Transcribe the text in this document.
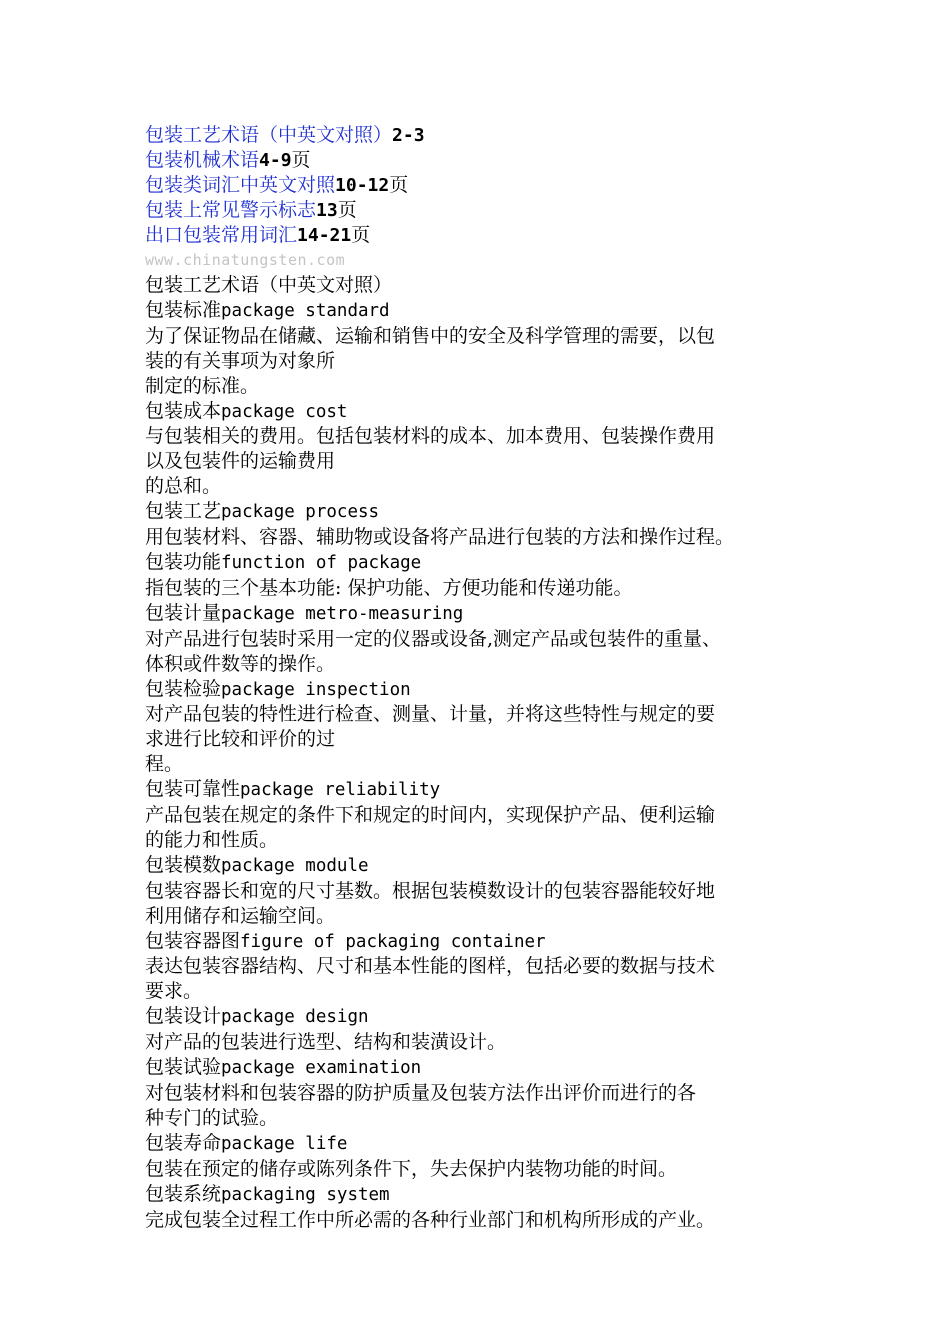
包装工艺术语（中英文对照）2-3
包装机械术语4-9页
包装类词汇中英文对照10-12页
包装上常见警示标志13页
出口包装常用词汇14-21页
www.chinatungsten.com
包装工艺术语（中英文对照）
包装标准package standard
为了保证物品在储藏、运输和销售中的安全及科学管理的需要，以包
装的有关事项为对象所
制定的标准。
包装成本package cost
与包装相关的费用。包括包装材料的成本、加本费用、包装操作费用
以及包装件的运输费用
的总和。
包装工艺package process
用包装材料、容器、辅助物或设备将产品进行包装的方法和操作过程。
包装功能function of package
指包装的三个基本功能: 保护功能、方便功能和传递功能。
包装计量package metro-measuring
对产品进行包装时采用一定的仪器或设备,测定产品或包装件的重量、
体积或件数等的操作。
包装检验package inspection
对产品包装的特性进行检查、测量、计量，并将这些特性与规定的要
求进行比较和评价的过
程。
包装可靠性package reliability
产品包装在规定的条件下和规定的时间内，实现保护产品、便利运输
的能力和性质。
包装模数package module
包装容器长和宽的尺寸基数。根据包装模数设计的包装容器能较好地
利用储存和运输空间。
包装容器图figure of packaging container
表达包装容器结构、尺寸和基本性能的图样，包括必要的数据与技术
要求。
包装设计package design
对产品的包装进行选型、结构和装潢设计。
包装试验package examination
对包装材料和包装容器的防护质量及包装方法作出评价而进行的各
种专门的试验。
包装寿命package life
包装在预定的储存或陈列条件下，失去保护内装物功能的时间。
包装系统packaging system
完成包装全过程工作中所必需的各种行业部门和机构所形成的产业。
